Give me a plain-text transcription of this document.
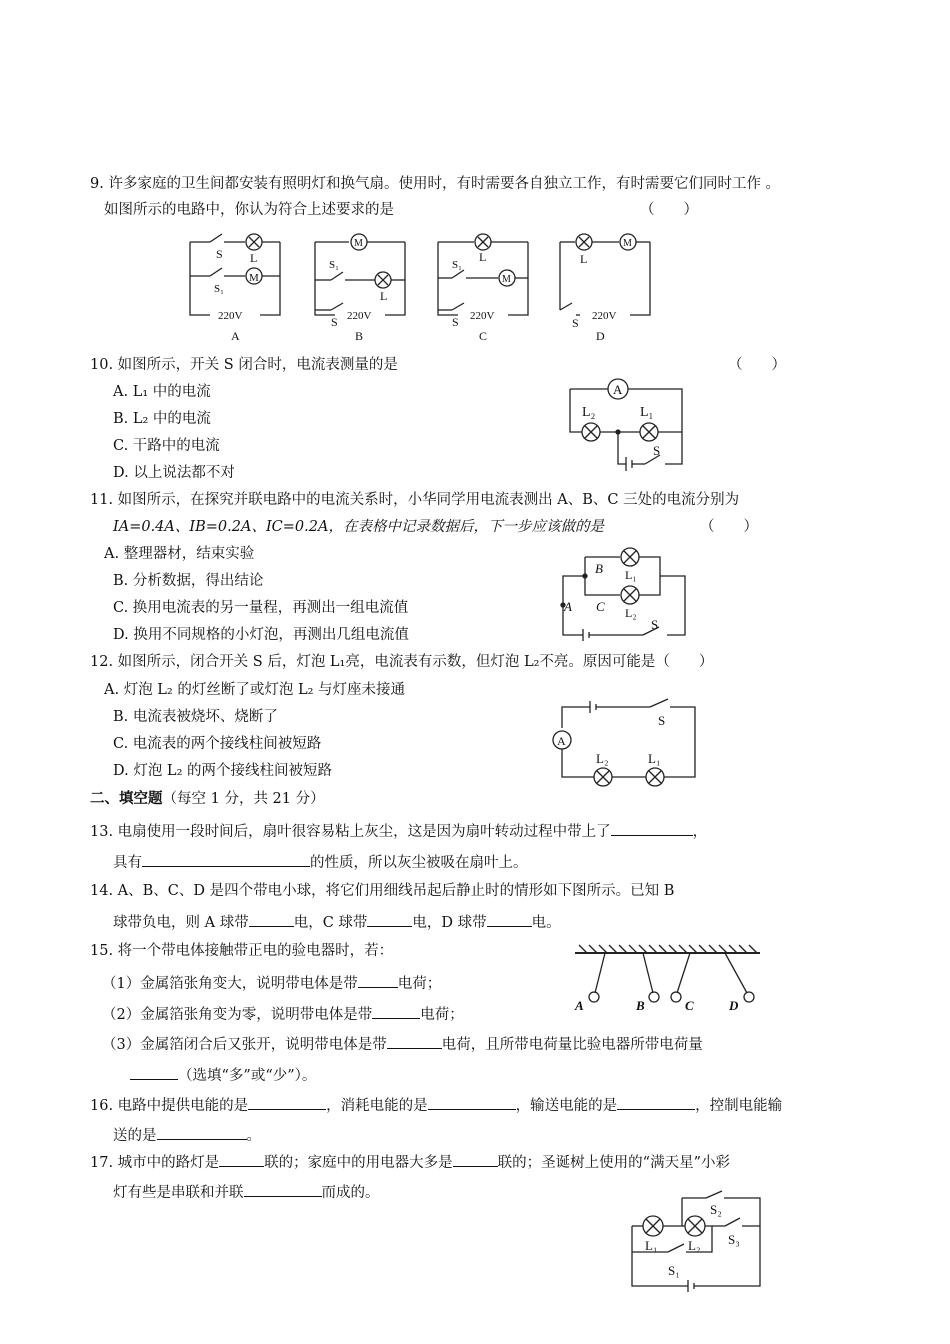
9. 许多家庭的卫生间都安装有照明灯和换气扇。使用时，有时需要各自独立工作，有时需要它们同时工作 。
如图所示的电路中，你认为符合上述要求的是	（　　）
M
S L
S₁
220V
A
M
S₁
L
S 220V
B
M
S₁
L
S 220V
C
M
L
S 220V
D
10. 如图所示，开关 S 闭合时，电流表测量的是	（　　）
A. L₁ 中的电流
B. L₂ 中的电流
C. 干路中的电流
D. 以上说法都不对
A
L₂	L₁
S
11. 如图所示，在探究并联电路中的电流关系时，小华同学用电流表测出 A、B、C 三处的电流分别为
IA=0.4A、IB=0.2A、IC=0.2A，在表格中记录数据后，下一步应该做的是	（　　）
A. 整理器材，结束实验
B. 分析数据，得出结论
C. 换用电流表的另一量程，再测出一组电流值
D. 换用不同规格的小灯泡，再测出几组电流值
B
C
A
L₁
L₂
S
12. 如图所示，闭合开关 S 后，灯泡 L₁亮，电流表有示数，但灯泡 L₂不亮。原因可能是（　　）
A. 灯泡 L₂ 的灯丝断了或灯泡 L₂ 与灯座未接通
B. 电流表被烧坏、烧断了
C. 电流表的两个接线柱间被短路
D. 灯泡 L₂ 的两个接线柱间被短路
A
S
L₂	L₁
二、填空题（每空 1 分，共 21 分）
13. 电扇使用一段时间后，扇叶很容易粘上灰尘，这是因为扇叶转动过程中带上了	，
具有	的性质，所以灰尘被吸在扇叶上。
14. A、B、C、D 是四个带电小球，将它们用细线吊起后静止时的情形如下图所示。已知 B
球带负电，则 A 球带	电，C 球带	电，D 球带	电。
A	B	C	D
15. 将一个带电体接触带正电的验电器时，若：
（1）金属箔张角变大，说明带电体是带	电荷；
（2）金属箔张角变为零，说明带电体是带	电荷；
（3）金属箔闭合后又张开，说明带电体是带	电荷，且所带电荷量比验电器所带电荷量
（选填“多”或“少”）。
16. 电路中提供电能的是	，消耗电能的是	，输送电能的是	，控制电能输
送的是	。
17. 城市中的路灯是	联的；家庭中的用电器大多是	联的；圣诞树上使用的“满天星”小彩
灯有些是串联和并联	而成的。
S₂
S₃
L₁ L₂
S₁
